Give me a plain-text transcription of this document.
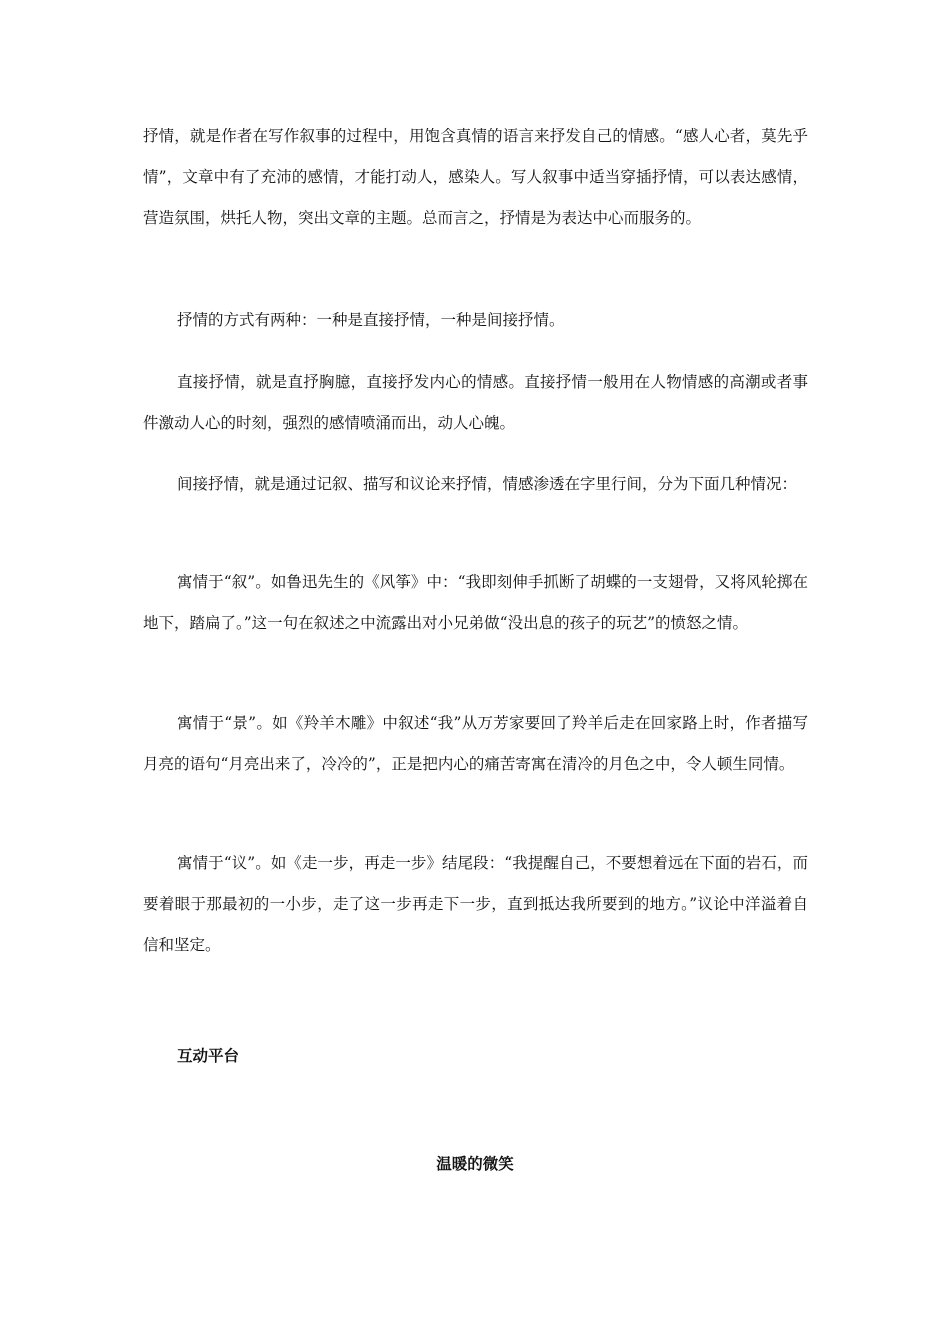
抒情，就是作者在写作叙事的过程中，用饱含真情的语言来抒发自己的情感。“感人心者，莫先乎情”，文章中有了充沛的感情，才能打动人，感染人。写人叙事中适当穿插抒情，可以表达感情，营造氛围，烘托人物，突出文章的主题。总而言之，抒情是为表达中心而服务的。

抒情的方式有两种：一种是直接抒情，一种是间接抒情。

直接抒情，就是直抒胸臆，直接抒发内心的情感。直接抒情一般用在人物情感的高潮或者事件激动人心的时刻，强烈的感情喷涌而出，动人心魄。

间接抒情，就是通过记叙、描写和议论来抒情，情感渗透在字里行间，分为下面几种情况：

寓情于“叙”。如鲁迅先生的《风筝》中：“我即刻伸手抓断了胡蝶的一支翅骨，又将风轮掷在地下，踏扁了。”这一句在叙述之中流露出对小兄弟做“没出息的孩子的玩艺”的愤怒之情。

寓情于“景”。如《羚羊木雕》中叙述“我”从万芳家要回了羚羊后走在回家路上时，作者描写月亮的语句“月亮出来了，冷冷的”，正是把内心的痛苦寄寓在清冷的月色之中，令人顿生同情。

寓情于“议”。如《走一步，再走一步》结尾段：“我提醒自己，不要想着远在下面的岩石，而要着眼于那最初的一小步，走了这一步再走下一步，直到抵达我所要到的地方。”议论中洋溢着自信和坚定。

互动平台
温暖的微笑
